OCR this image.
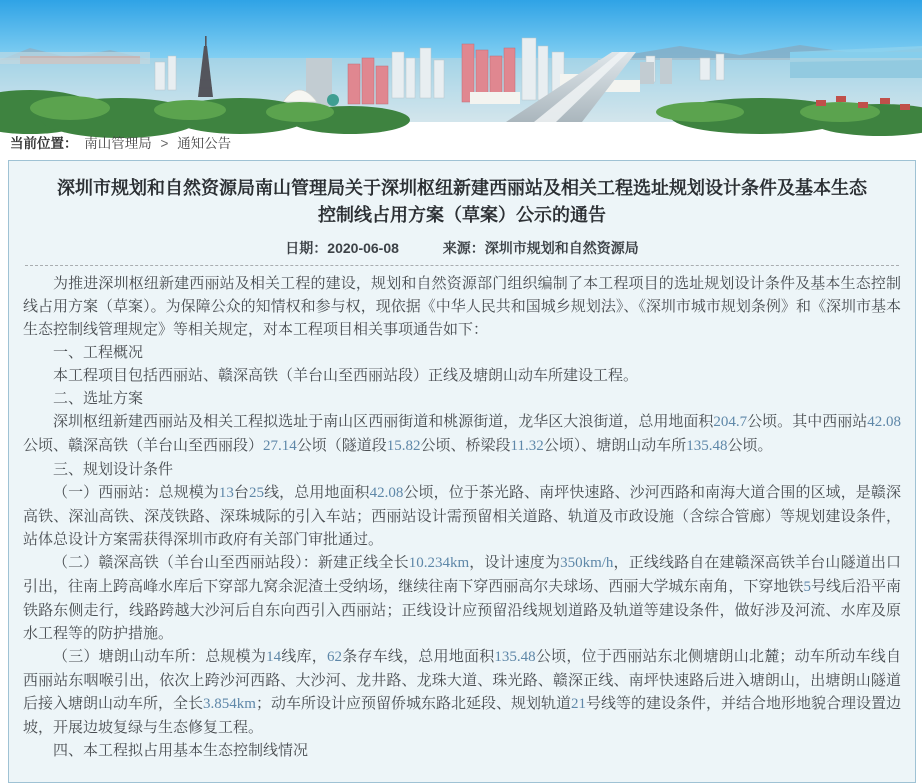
当前位置： 南山管理局 > 通知公告
深圳市规划和自然资源局南山管理局关于深圳枢纽新建西丽站及相关工程选址规划设计条件及基本生态控制线占用方案（草案）公示的通告
日期：2020-06-08	来源：深圳市规划和自然资源局

为推进深圳枢纽新建西丽站及相关工程的建设，规划和自然资源部门组织编制了本工程项目的选址规划设计条件及基本生态控制线占用方案（草案）。为保障公众的知情权和参与权，现依据《中华人民共和国城乡规划法》、《深圳市城市规划条例》和《深圳市基本生态控制线管理规定》等相关规定，对本工程项目相关事项通告如下：

一、工程概况

本工程项目包括西丽站、赣深高铁（羊台山至西丽站段）正线及塘朗山动车所建设工程。

二、选址方案

深圳枢纽新建西丽站及相关工程拟选址于南山区西丽街道和桃源街道，龙华区大浪街道，总用地面积204.7公顷。其中西丽站42.08公顷、赣深高铁（羊台山至西丽段）27.14公顷（隧道段15.82公顷、桥梁段11.32公顷）、塘朗山动车所135.48公顷。

三、规划设计条件

（一）西丽站：总规模为13台25线，总用地面积42.08公顷，位于茶光路、南坪快速路、沙河西路和南海大道合围的区域，是赣深高铁、深汕高铁、深茂铁路、深珠城际的引入车站；西丽站设计需预留相关道路、轨道及市政设施（含综合管廊）等规划建设条件，站体总设计方案需获得深圳市政府有关部门审批通过。

（二）赣深高铁（羊台山至西丽站段）：新建正线全长10.234km，设计速度为350km/h，正线线路自在建赣深高铁羊台山隧道出口引出，往南上跨高峰水库后下穿部九窝余泥渣土受纳场，继续往南下穿西丽高尔夫球场、西丽大学城东南角，下穿地铁5号线后沿平南铁路东侧走行，线路跨越大沙河后自东向西引入西丽站；正线设计应预留沿线规划道路及轨道等建设条件，做好涉及河流、水库及原水工程等的防护措施。

（三）塘朗山动车所：总规模为14线库，62条存车线，总用地面积135.48公顷，位于西丽站东北侧塘朗山北麓；动车所动车线自西丽站东咽喉引出，依次上跨沙河西路、大沙河、龙井路、龙珠大道、珠光路、赣深正线、南坪快速路后进入塘朗山，出塘朗山隧道后接入塘朗山动车所，全长3.854km；动车所设计应预留侨城东路北延段、规划轨道21号线等的建设条件，并结合地形地貌合理设置边坡，开展边坡复绿与生态修复工程。

四、本工程拟占用基本生态控制线情况
